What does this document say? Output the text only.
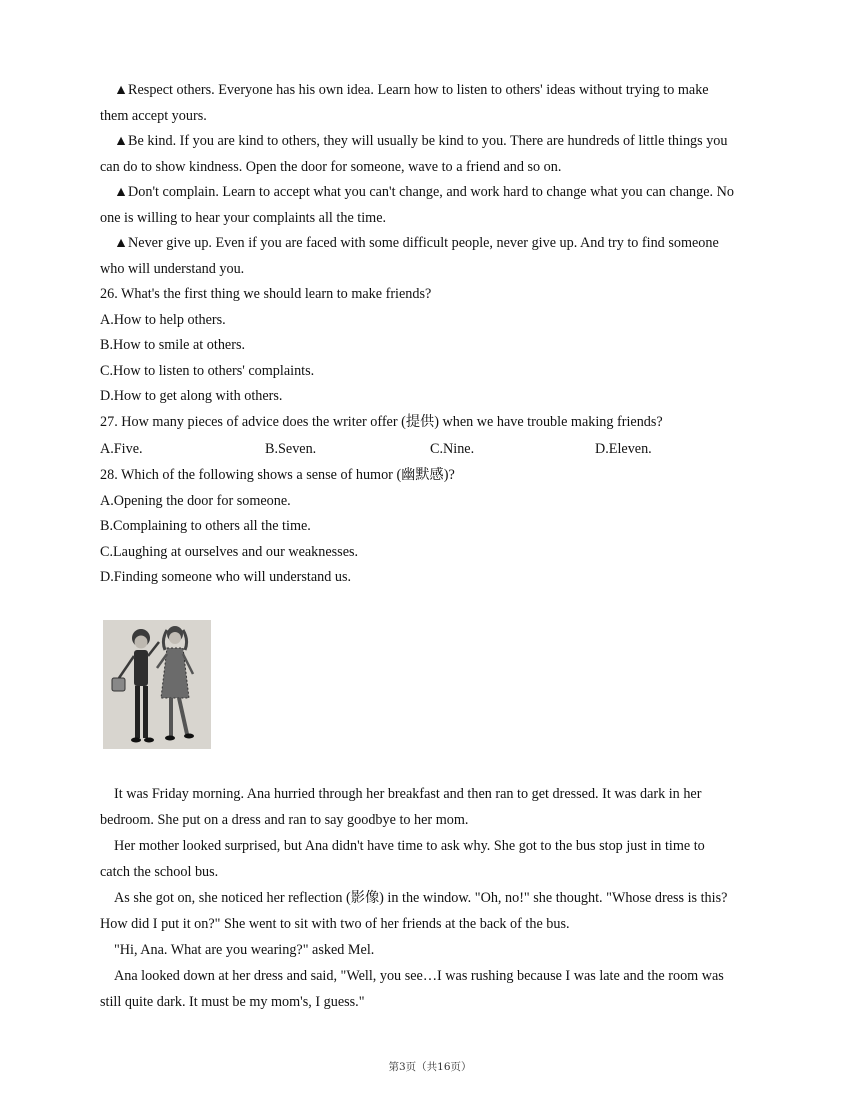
▲Respect others. Everyone has his own idea. Learn how to listen to others' ideas without trying to make
them accept yours.
▲Be kind. If you are kind to others, they will usually be kind to you. There are hundreds of little things you
can do to show kindness. Open the door for someone, wave to a friend and so on.
▲Don't complain. Learn to accept what you can't change, and work hard to change what you can change. No
one is willing to hear your complaints all the time.
▲Never give up. Even if you are faced with some difficult people, never give up. And try to find someone
who will understand you.
26. What's the first thing we should learn to make friends?
A.How to help others.
B.How to smile at others.
C.How to listen to others' complaints.
D.How to get along with others.
27. How many pieces of advice does the writer offer (提供) when we have trouble making friends?
A.Five.	B.Seven.	C.Nine.	D.Eleven.
28. Which of the following shows a sense of humor (幽默感)?
A.Opening the door for someone.
B.Complaining to others all the time.
C.Laughing at ourselves and our weaknesses.
D.Finding someone who will understand us.
It was Friday morning. Ana hurried through her breakfast and then ran to get dressed. It was dark in her
bedroom. She put on a dress and ran to say goodbye to her mom.
Her mother looked surprised, but Ana didn't have time to ask why. She got to the bus stop just in time to
catch the school bus.
As she got on, she noticed her reflection (影像) in the window. "Oh, no!" she thought. "Whose dress is this?
How did I put it on?" She went to sit with two of her friends at the back of the bus.
"Hi, Ana. What are you wearing?" asked Mel.
Ana looked down at her dress and said, "Well, you see…I was rushing because I was late and the room was
still quite dark. It must be my mom's, I guess."
第3页（共16页）
